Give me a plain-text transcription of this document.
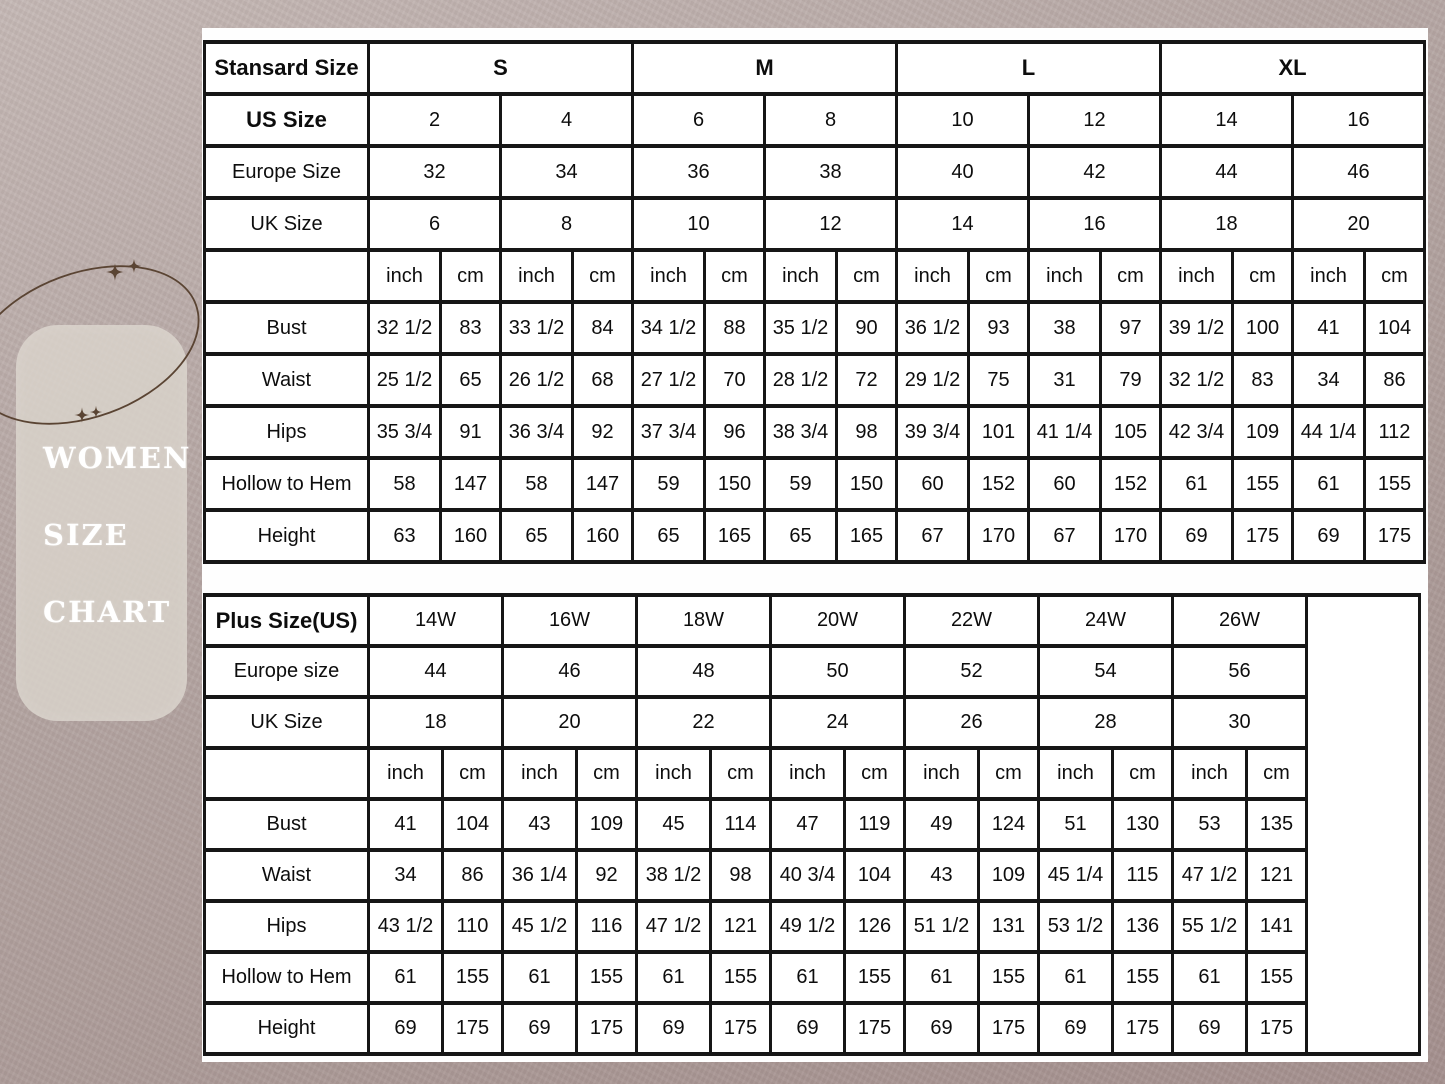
WOMEN
SIZE
CHART
Stansard Size	S				M				L				XL			
US Size	2		4		6		8		10		12		14		16	
Europe Size	32		34		36		38		40		42		44		46	
UK Size	6		8		10		12		14		16		18		20	
	inch	cm	inch	cm	inch	cm	inch	cm	inch	cm	inch	cm	inch	cm	inch	cm
Bust	32 1/2	83	33 1/2	84	34 1/2	88	35 1/2	90	36 1/2	93	38	97	39 1/2	100	41	104
Waist	25 1/2	65	26 1/2	68	27 1/2	70	28 1/2	72	29 1/2	75	31	79	32 1/2	83	34	86
Hips	35 3/4	91	36 3/4	92	37 3/4	96	38 3/4	98	39 3/4	101	41 1/4	105	42 3/4	109	44 1/4	112
Hollow to Hem	58	147	58	147	59	150	59	150	60	152	60	152	61	155	61	155
Height	63	160	65	160	65	165	65	165	67	170	67	170	69	175	69	175
Plus Size(US)	14W		16W		18W		20W		22W		24W		26W		
Europe size	44		46		48		50		52		54		56		
UK Size	18		20		22		24		26		28		30		
	inch	cm	inch	cm	inch	cm	inch	cm	inch	cm	inch	cm	inch	cm	
Bust	41	104	43	109	45	114	47	119	49	124	51	130	53	135	
Waist	34	86	36 1/4	92	38 1/2	98	40 3/4	104	43	109	45 1/4	115	47 1/2	121	
Hips	43 1/2	110	45 1/2	116	47 1/2	121	49 1/2	126	51 1/2	131	53 1/2	136	55 1/2	141	
Hollow to Hem	61	155	61	155	61	155	61	155	61	155	61	155	61	155	
Height	69	175	69	175	69	175	69	175	69	175	69	175	69	175	
